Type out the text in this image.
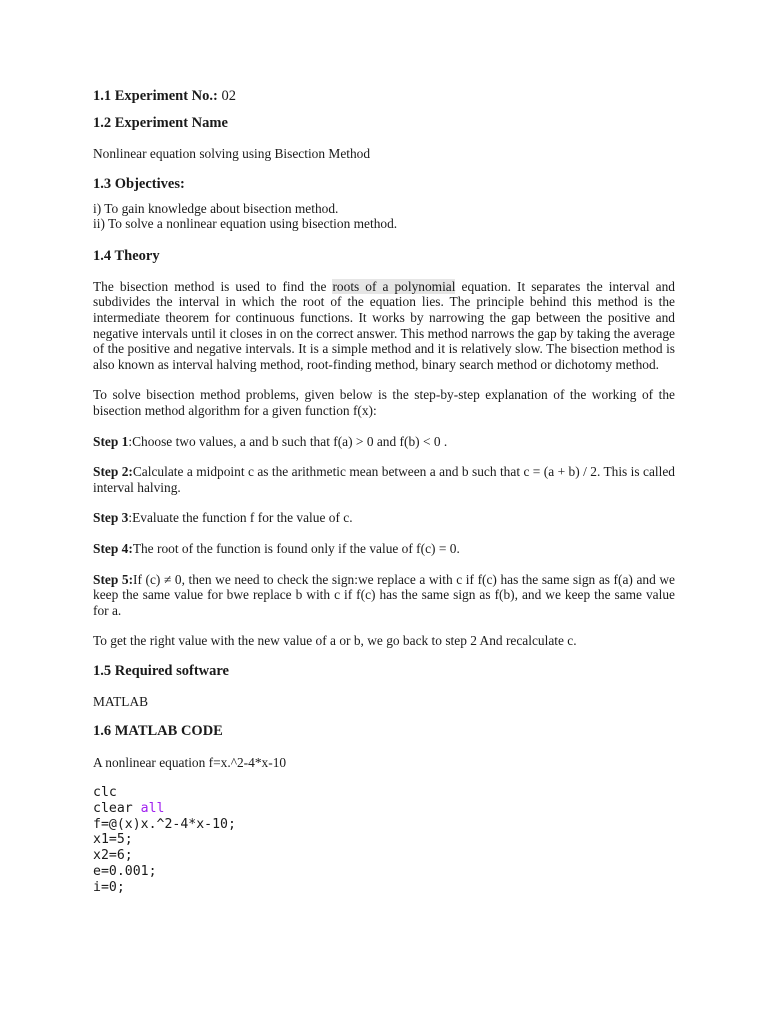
1.1 Experiment No.: 02

1.2 Experiment Name

Nonlinear equation solving using Bisection Method

1.3 Objectives:

i) To gain knowledge about bisection method.

ii) To solve a nonlinear equation using bisection method.

1.4 Theory

The bisection method is used to find the roots of a polynomial equation. It separates the interval and subdivides the interval in which the root of the equation lies. The principle behind this method is the intermediate theorem for continuous functions. It works by narrowing the gap between the positive and negative intervals until it closes in on the correct answer. This method narrows the gap by taking the average of the positive and negative intervals. It is a simple method and it is relatively slow. The bisection method is also known as interval halving method, root-finding method, binary search method or dichotomy method.

To solve bisection method problems, given below is the step-by-step explanation of the working of the bisection method algorithm for a given function f(x):

Step 1:Choose two values, a and b such that f(a) > 0 and f(b) < 0 .

Step 2:Calculate a midpoint c as the arithmetic mean between a and b such that c = (a + b) / 2. This is called interval halving.

Step 3:Evaluate the function f for the value of c.

Step 4:The root of the function is found only if the value of f(c) = 0.

Step 5:If (c) ≠ 0, then we need to check the sign:we replace a with c if f(c) has the same sign as f(a) and we keep the same value for bwe replace b with c if f(c) has the same sign as f(b), and we keep the same value for a.

To get the right value with the new value of a or b, we go back to step 2 And recalculate c.

1.5 Required software

MATLAB

1.6 MATLAB CODE

A nonlinear equation f=x.^2-4*x-10

clc

clear all

f=@(x)x.^2-4*x-10;

x1=5;

x2=6;

e=0.001;

i=0;
